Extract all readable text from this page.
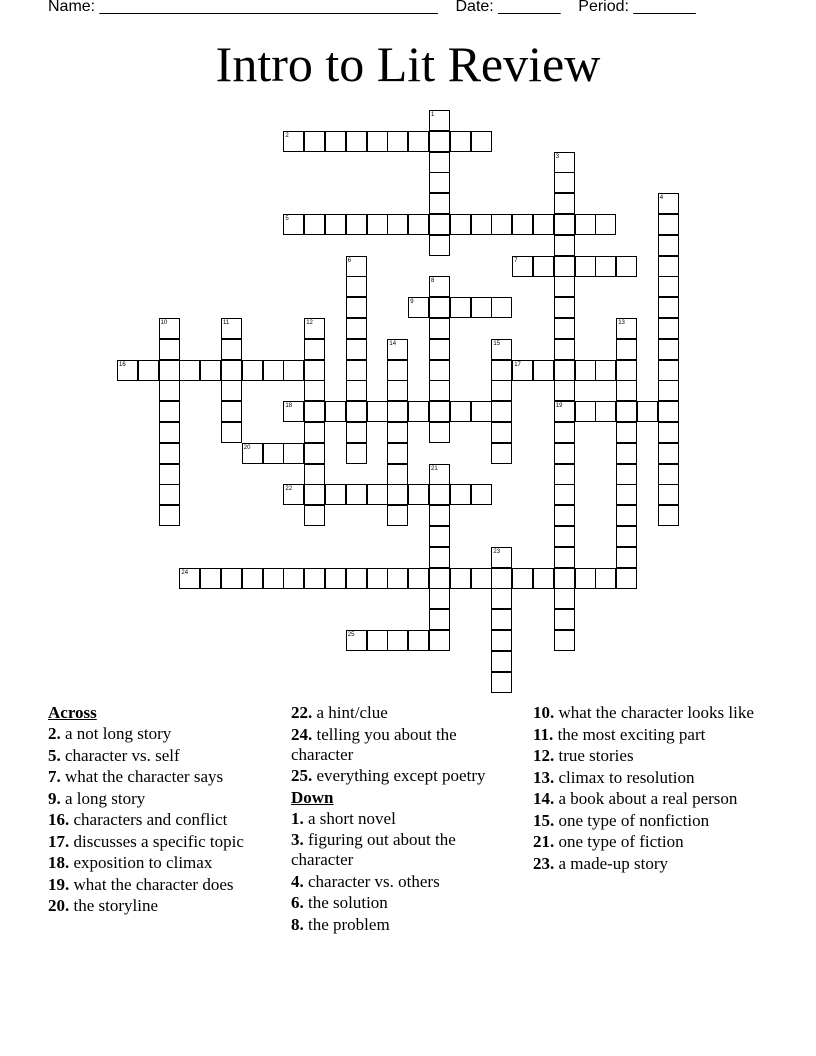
Name: ______________________________________ Date: _______ Period: _______
Intro to Lit Review
2
5
7
9
16	17
18	19
20
22
24
25
1
3
4
6
8
10	11	12	13
14	15
21
23
Across
2. a not long story
5. character vs. self
7. what the character says
9. a long story
16. characters and conflict
17. discusses a specific topic
18. exposition to climax
19. what the character does
20. the storyline
22. a hint/clue
24. telling you about the character
25. everything except poetry
Down
1. a short novel
3. figuring out about the character
4. character vs. others
6. the solution
8. the problem
10. what the character looks like
11. the most exciting part
12. true stories
13. climax to resolution
14. a book about a real person
15. one type of nonfiction
21. one type of fiction
23. a made-up story
